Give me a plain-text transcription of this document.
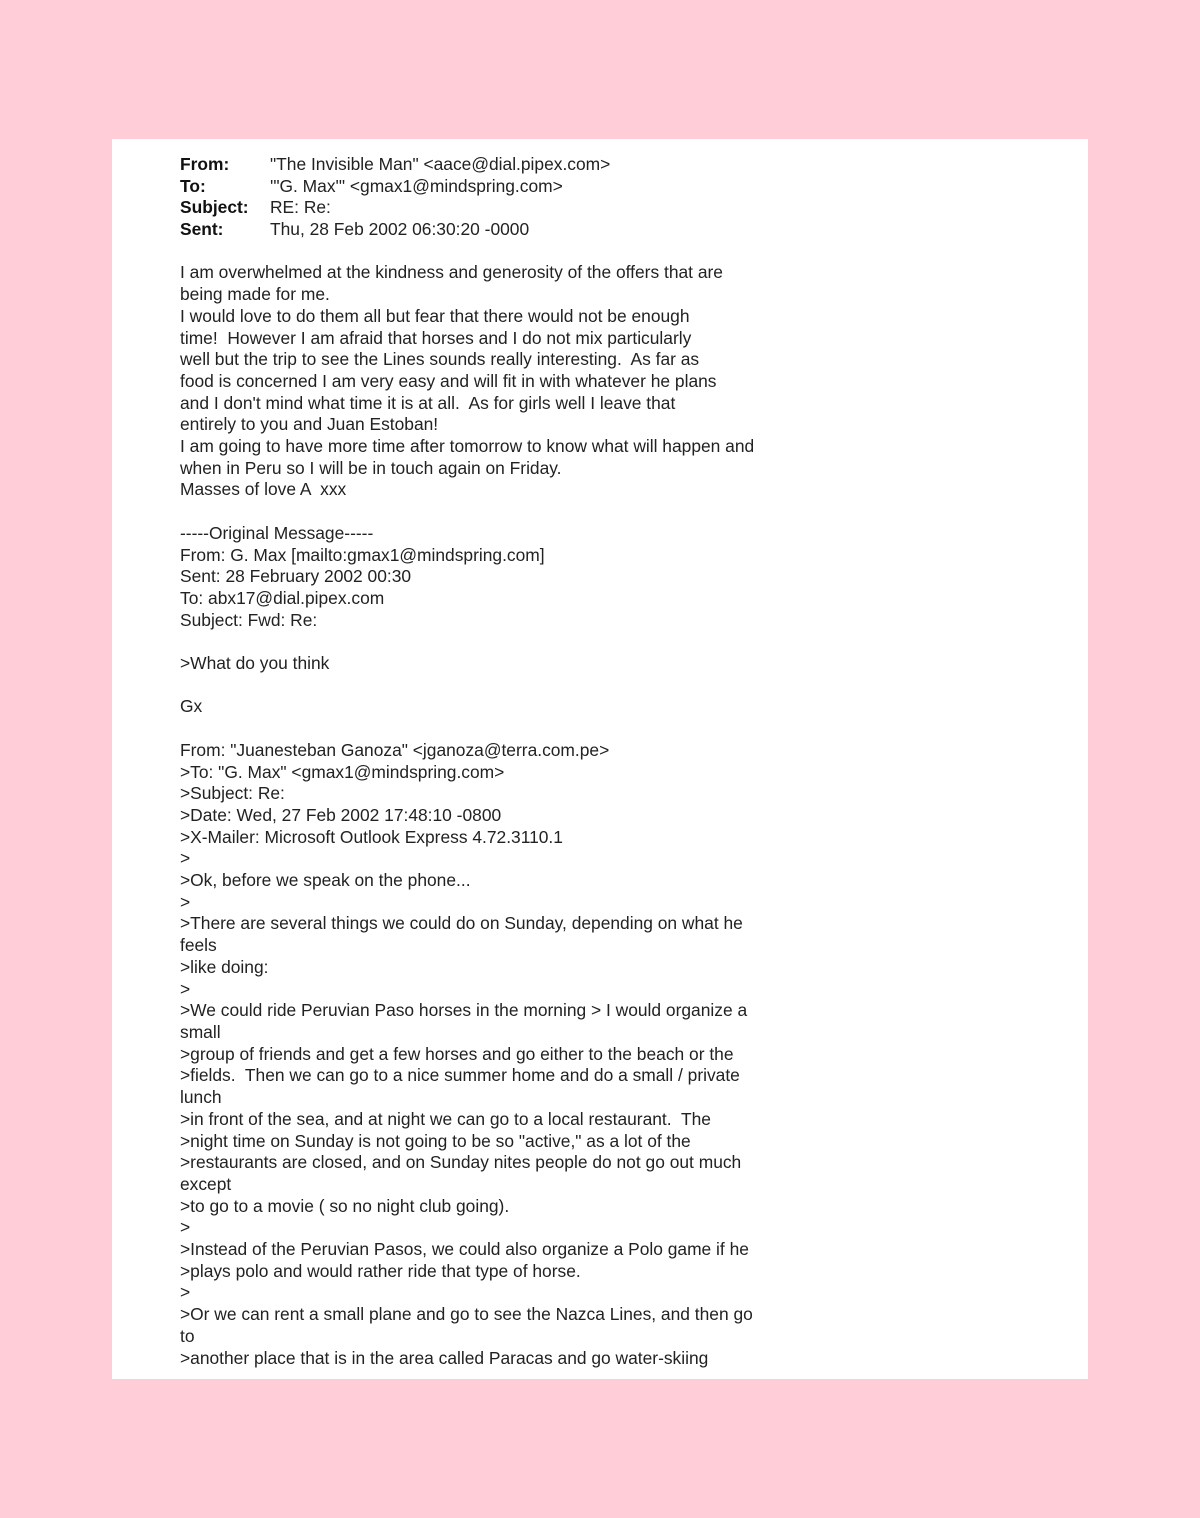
From:	"The Invisible Man" <aace@dial.pipex.com>
To:	'"G. Max'" <gmax1@mindspring.com>
Subject:	RE: Re:
Sent:	Thu, 28 Feb 2002 06:30:20 -0000
I am overwhelmed at the kindness and generosity of the offers that are
being made for me.
I would love to do them all but fear that there would not be enough
time!  However I am afraid that horses and I do not mix particularly
well but the trip to see the Lines sounds really interesting.  As far as
food is concerned I am very easy and will fit in with whatever he plans
and I don't mind what time it is at all.  As for girls well I leave that
entirely to you and Juan Estoban!
I am going to have more time after tomorrow to know what will happen and
when in Peru so I will be in touch again on Friday.
Masses of love A  xxx
-----Original Message-----
From: G. Max [mailto:gmax1@mindspring.com]
Sent: 28 February 2002 00:30
To: abx17@dial.pipex.com
Subject: Fwd: Re:
>What do you think
Gx
From: "Juanesteban Ganoza" <jganoza@terra.com.pe>
>To: "G. Max" <gmax1@mindspring.com>
>Subject: Re:
>Date: Wed, 27 Feb 2002 17:48:10 -0800
>X-Mailer: Microsoft Outlook Express 4.72.3110.1
>
>Ok, before we speak on the phone...
>
>There are several things we could do on Sunday, depending on what he
feels
>like doing:
>
>We could ride Peruvian Paso horses in the morning > I would organize a
small
>group of friends and get a few horses and go either to the beach or the
>fields.  Then we can go to a nice summer home and do a small / private
lunch
>in front of the sea, and at night we can go to a local restaurant.  The
>night time on Sunday is not going to be so "active," as a lot of the
>restaurants are closed, and on Sunday nites people do not go out much
except
>to go to a movie ( so no night club going).
>
>Instead of the Peruvian Pasos, we could also organize a Polo game if he
>plays polo and would rather ride that type of horse.
>
>Or we can rent a small plane and go to see the Nazca Lines, and then go
to
>another place that is in the area called Paracas and go water-skiing
